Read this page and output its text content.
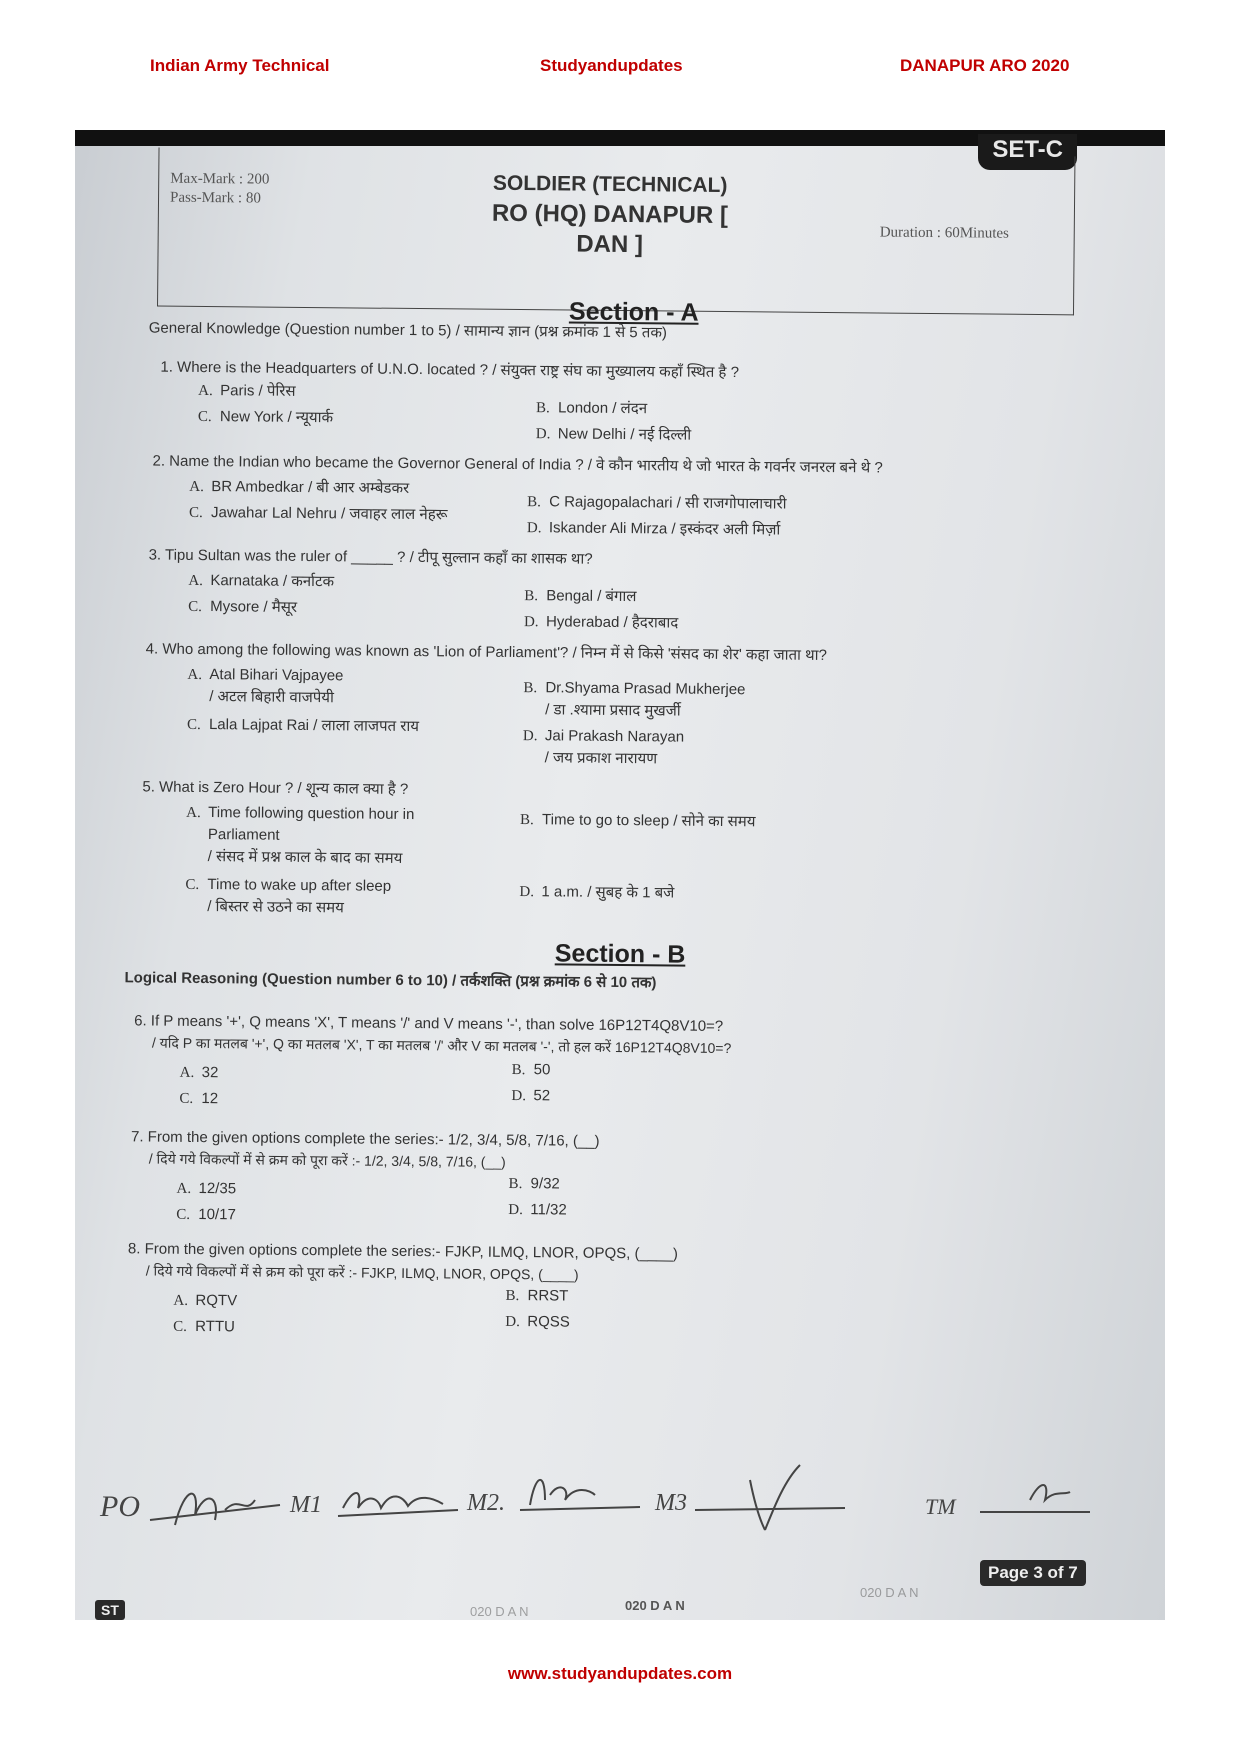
Indian Army Technical	Studyandupdates	DANAPUR ARO 2020
SET-C
Max-Mark : 200
Pass-Mark : 80
SOLDIER (TECHNICAL)
RO (HQ) DANAPUR [
DAN ]	Duration : 60Minutes
Section - A
General Knowledge (Question number 1 to 5) / सामान्य ज्ञान (प्रश्न क्रमांक 1 से 5 तक)
1. Where is the Headquarters of U.N.O. located ? / संयुक्त राष्ट्र संघ का मुख्यालय कहाँ स्थित है ?
A. Paris / पेरिस
C. New York / न्यूयार्क	B. London / लंदन
D. New Delhi / नई दिल्ली
2. Name the Indian who became the Governor General of India ? / वे कौन भारतीय थे जो भारत के गवर्नर जनरल बने थे ?
A. BR Ambedkar / बी आर अम्बेडकर
C. Jawahar Lal Nehru / जवाहर लाल नेहरू
B. C Rajagopalachari / सी राजगोपालाचारी
D. Iskander Ali Mirza / इस्कंदर अली मिर्ज़ा
3. Tipu Sultan was the ruler of _____ ? / टीपू सुल्तान कहाँ का शासक था?
A. Karnataka / कर्नाटक
C. Mysore / मैसूर
B. Bengal / बंगाल
D. Hyderabad / हैदराबाद
4. Who among the following was known as 'Lion of Parliament'? / निम्न में से किसे 'संसद का शेर' कहा जाता था?
A. Atal Bihari Vajpayee
/ अटल बिहारी वाजपेयी
C. Lala Lajpat Rai / लाला लाजपत राय
B. Dr.Shyama Prasad Mukherjee
/ डा .श्यामा प्रसाद मुखर्जी
D. Jai Prakash Narayan
/ जय प्रकाश नारायण
5. What is Zero Hour ? / शून्य काल क्या है ?
A. Time following question hour in
Parliament
/ संसद में प्रश्न काल के बाद का समय
C. Time to wake up after sleep
/ बिस्तर से उठने का समय
B. Time to go to sleep / सोने का समय
D. 1 a.m. / सुबह के 1 बजे
Section - B
Logical Reasoning (Question number 6 to 10) / तर्कशक्ति (प्रश्न क्रमांक 6 से 10 तक)
6. If P means '+', Q means 'X', T means '/' and V means '-', than solve 16P12T4Q8V10=?
/ यदि P का मतलब '+', Q का मतलब 'X', T का मतलब '/' और V का मतलब '-', तो हल करें 16P12T4Q8V10=?
A. 32
C. 12
B. 50
D. 52
7. From the given options complete the series:- 1/2, 3/4, 5/8, 7/16, (__)
/ दिये गये विकल्पों में से क्रम को पूरा करें :- 1/2, 3/4, 5/8, 7/16, (__)
A. 12/35
C. 10/17
B. 9/32
D. 11/32
8. From the given options complete the series:- FJKP, ILMQ, LNOR, OPQS, (____)
/ दिये गये विकल्पों में से क्रम को पूरा करें :- FJKP, ILMQ, LNOR, OPQS, (____)
A. RQTV
C. RTTU
B. RRST
D. RQSS
PO	M1	M2.	M3	TM
Page 3 of 7
ST	020 D A N
020 D A N
020 D A N
www.studyandupdates.com
